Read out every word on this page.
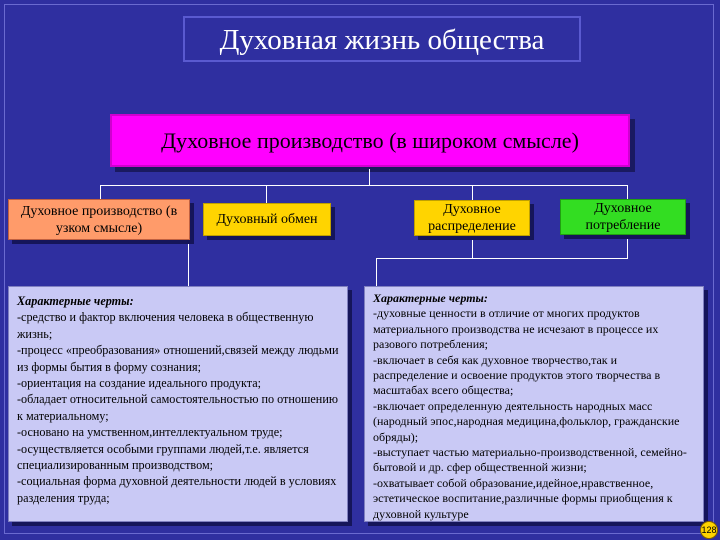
Духовная жизнь общества
Духовное производство (в широком смысле)
Духовное производство (в узком смысле)
Духовный обмен
Духовное распределение
Духовное потребление
Характерные черты:
-средство и фактор включения человека в общественную жизнь;
-процесс «преобразования» отношений,связей между людьми из формы бытия в форму сознания;
-ориентация на создание идеального продукта;
-обладает относительной самостоятельностью по отношению к материальному;
-основано на умственном,интеллектуальном труде;
-осуществляется особыми группами людей,т.е. является специализированным производством;
-социальная форма духовной деятельности людей в условиях разделения труда;
Характерные черты:
-духовные ценности в отличие от многих продуктов материального производства не исчезают в процессе их разового потребления;
-включает в себя как духовное творчество,так и распределение и освоение продуктов этого творчества в масштабах всего общества;
-включает определенную деятельность народных масс (народный эпос,народная медицина,фольклор, гражданские обряды);
-выступает частью материально-производственной, семейно-бытовой и др. сфер общественной жизни;
-охватывает собой образование,идейное,нравственное, эстетическое воспитание,различные формы приобщения к духовной культуре
128
